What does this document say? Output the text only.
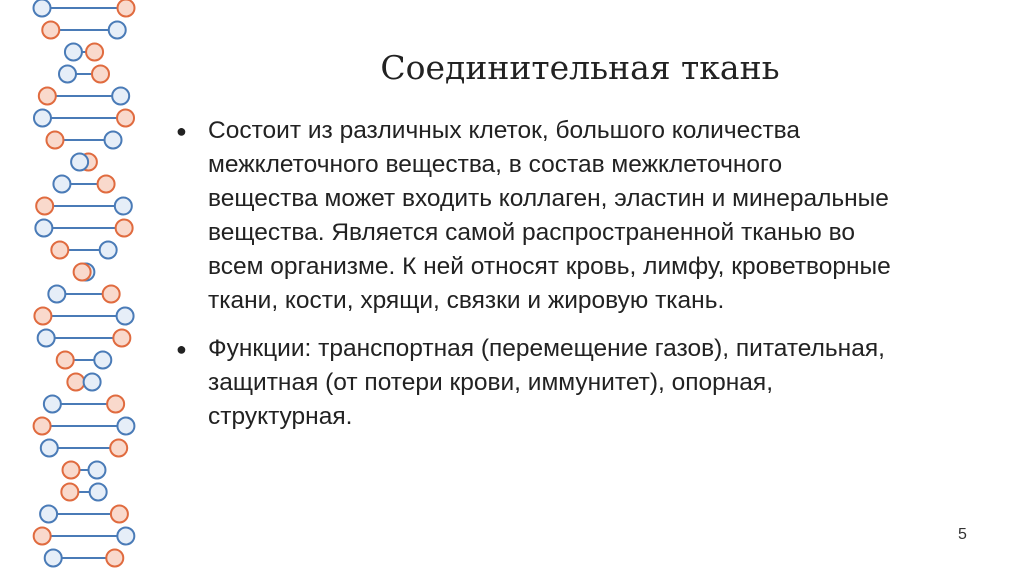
Соединительная ткань
● Состоит из различных клеток, большого количества межклеточного вещества, в состав межклеточного вещества может входить коллаген, эластин и минеральные вещества. Является самой распространенной тканью во всем организме. К ней относят кровь, лимфу, кроветворные ткани, кости, хрящи, связки и жировую ткань.
● Функции: транспортная (перемещение газов), питательная, защитная (от потери крови, иммунитет), опорная, структурная.
5
